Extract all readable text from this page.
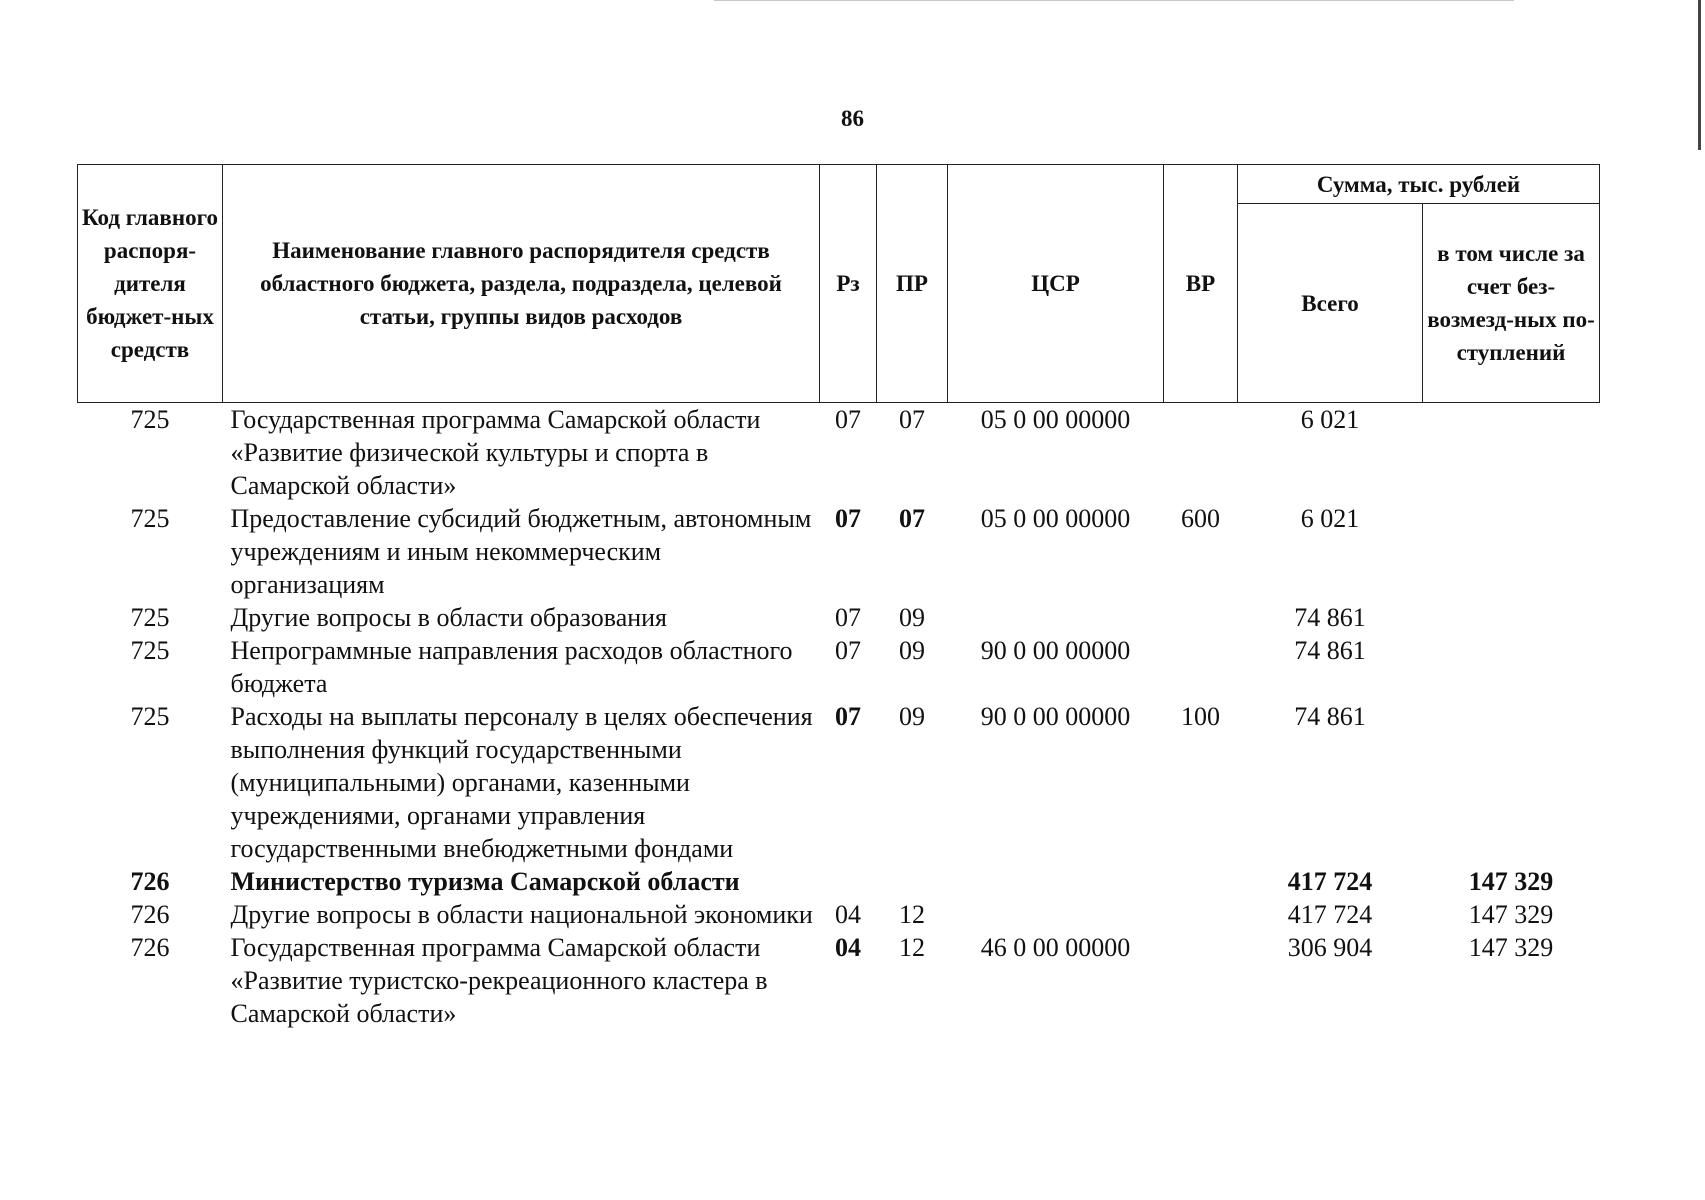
86
Код главного распоря-дителя бюджет-ных средств	Наименование главного распорядителя средств областного бюджета, раздела, подраздела, целевой статьи, группы видов расходов	Рз	ПР	ЦСР	ВР	Сумма, тыс. рублей	
						Всего	в том числе за счет без-возмезд-ных по-ступлений
725	Государственная программа Самарской области «Развитие физической культуры и спорта в Самарской области»	07	07	05 0 00 00000		6 021	
725	Предоставление субсидий бюджетным, автономным учреждениям и иным некоммерческим организациям	07	07	05 0 00 00000	600	6 021	
725	Другие вопросы в области образования	07	09			74 861	
725	Непрограммные направления расходов областного бюджета	07	09	90 0 00 00000		74 861	
725	Расходы на выплаты персоналу в целях обеспечения выполнения функций государственными (муниципальными) органами, казенными учреждениями, органами управления государственными внебюджетными фондами	07	09	90 0 00 00000	100	74 861	
726	Министерство туризма Самарской области					417 724	147 329
726	Другие вопросы в области национальной экономики	04	12			417 724	147 329
726	Государственная программа Самарской области «Развитие туристско-рекреационного кластера в Самарской области»	04	12	46 0 00 00000		306 904	147 329
